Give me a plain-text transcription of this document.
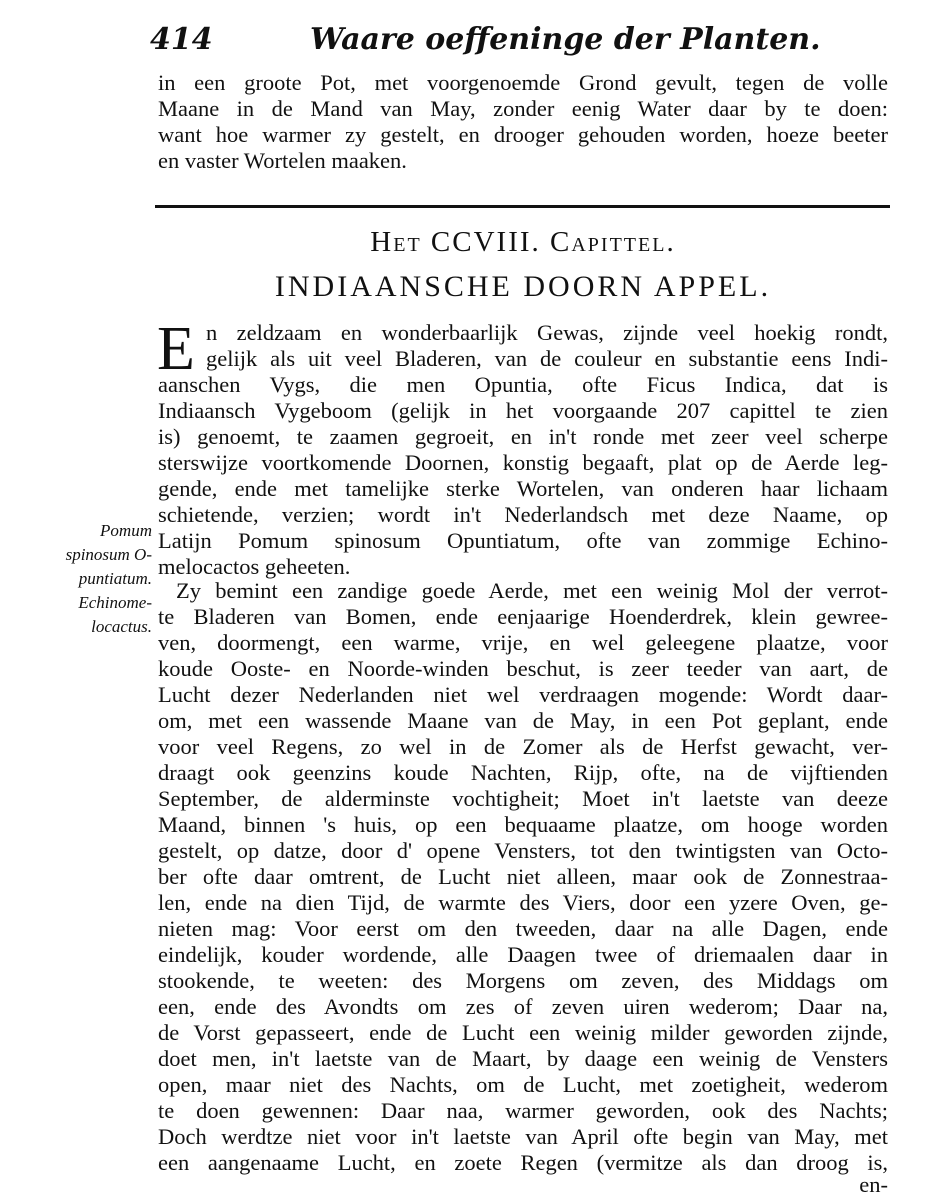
414	Waare oeffeninge der Planten.
in een groote Pot, met voorgenoemde Grond gevult, tegen de volle
Maane in de Mand van May, zonder eenig Water daar by te doen:
want hoe warmer zy gestelt, en drooger gehouden worden, hoeze beeter
en vaster Wortelen maaken.
Het CCVIII. Capittel.
INDIAANSCHE DOORN APPEL.
E n zeldzaam en wonderbaarlijk Gewas, zijnde veel hoekig rondt,
gelijk als uit veel Bladeren, van de couleur en substantie eens Indi-
aanschen Vygs, die men Opuntia, ofte Ficus Indica, dat is
Indiaansch Vygeboom (gelijk in het voorgaande 207 capittel te zien
is) genoemt, te zaamen gegroeit, en in't ronde met zeer veel scherpe
sterswijze voortkomende Doornen, konstig begaaft, plat op de Aerde leg-
gende, ende met tamelijke sterke Wortelen, van onderen haar lichaam
schietende, verzien; wordt in't Nederlandsch met deze Naame, op
Latijn Pomum spinosum Opuntiatum, ofte van zommige Echino-
melocactos geheeten.
Pomum
spinosum O-
puntiatum.
Echinome-
locactus.
Zy bemint een zandige goede Aerde, met een weinig Mol der verrot-
te Bladeren van Bomen, ende eenjaarige Hoenderdrek, klein gewree-
ven, doormengt, een warme, vrije, en wel geleegene plaatze, voor
koude Ooste- en Noorde-winden beschut, is zeer teeder van aart, de
Lucht dezer Nederlanden niet wel verdraagen mogende: Wordt daar-
om, met een wassende Maane van de May, in een Pot geplant, ende
voor veel Regens, zo wel in de Zomer als de Herfst gewacht, ver-
draagt ook geenzins koude Nachten, Rijp, ofte, na de vijftienden
September, de alderminste vochtigheit; Moet in't laetste van deeze
Maand, binnen 's huis, op een bequaame plaatze, om hooge worden
gestelt, op datze, door d' opene Vensters, tot den twintigsten van Octo-
ber ofte daar omtrent, de Lucht niet alleen, maar ook de Zonnestraa-
len, ende na dien Tijd, de warmte des Viers, door een yzere Oven, ge-
nieten mag: Voor eerst om den tweeden, daar na alle Dagen, ende
eindelijk, kouder wordende, alle Daagen twee of driemaalen daar in
stookende, te weeten: des Morgens om zeven, des Middags om
een, ende des Avondts om zes of zeven uiren wederom; Daar na,
de Vorst gepasseert, ende de Lucht een weinig milder geworden zijnde,
doet men, in't laetste van de Maart, by daage een weinig de Vensters
open, maar niet des Nachts, om de Lucht, met zoetigheit, wederom
te doen gewennen: Daar naa, warmer geworden, ook des Nachts;
Doch werdtze niet voor in't laetste van April ofte begin van May, met
een aangenaame Lucht, en zoete Regen (vermitze als dan droog is,
en-
